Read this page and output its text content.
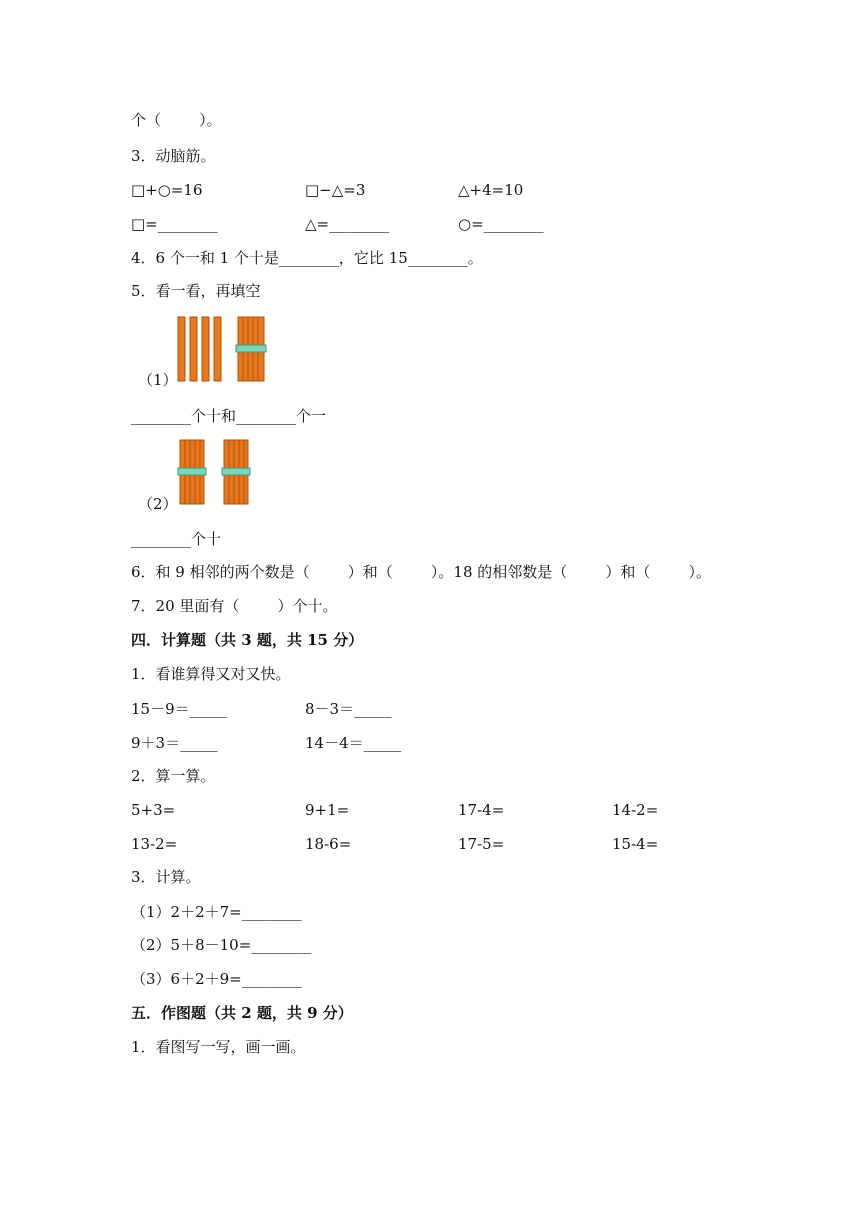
个（        ）。
3．动脑筋。
□+○=16	□−△=3	△+4=10
□=________	△=________	○=________
4．6 个一和 1 个十是________，它比 15________。
5．看一看，再填空
（1）
________个十和________个一
（2）
________个十
6．和 9 相邻的两个数是（        ）和（        ）。18 的相邻数是（        ）和（        ）。
7．20 里面有（        ）个十。
四．计算题（共 3 题，共 15 分）
1．看谁算得又对又快。
15－9＝_____	8－3＝_____
9＋3＝_____	14－4＝_____
2．算一算。
5+3=	9+1=	17-4=	14-2=
13-2=	18-6=	17-5=	15-4=
3．计算。
（1）2＋2＋7=________
（2）5＋8－10=________
（3）6＋2＋9=________
五．作图题（共 2 题，共 9 分）
1．看图写一写，画一画。
